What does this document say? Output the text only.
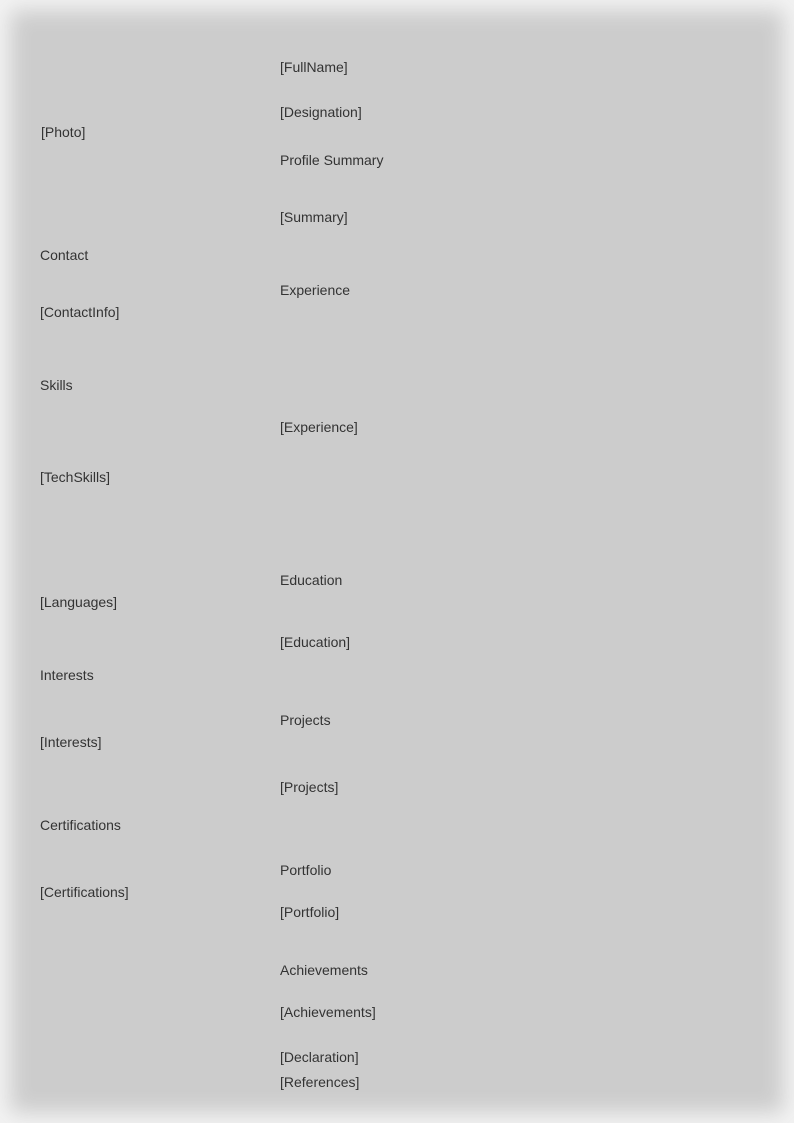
[Photo]
Contact
[ContactInfo]
Skills
[TechSkills]
[Languages]
Interests
[Interests]
Certifications
[Certifications]
[FullName]
[Designation]
Profile Summary
[Summary]
Experience
[Experience]
Education
[Education]
Projects
[Projects]
Portfolio
[Portfolio]
Achievements
[Achievements]
[Declaration]
[References]
